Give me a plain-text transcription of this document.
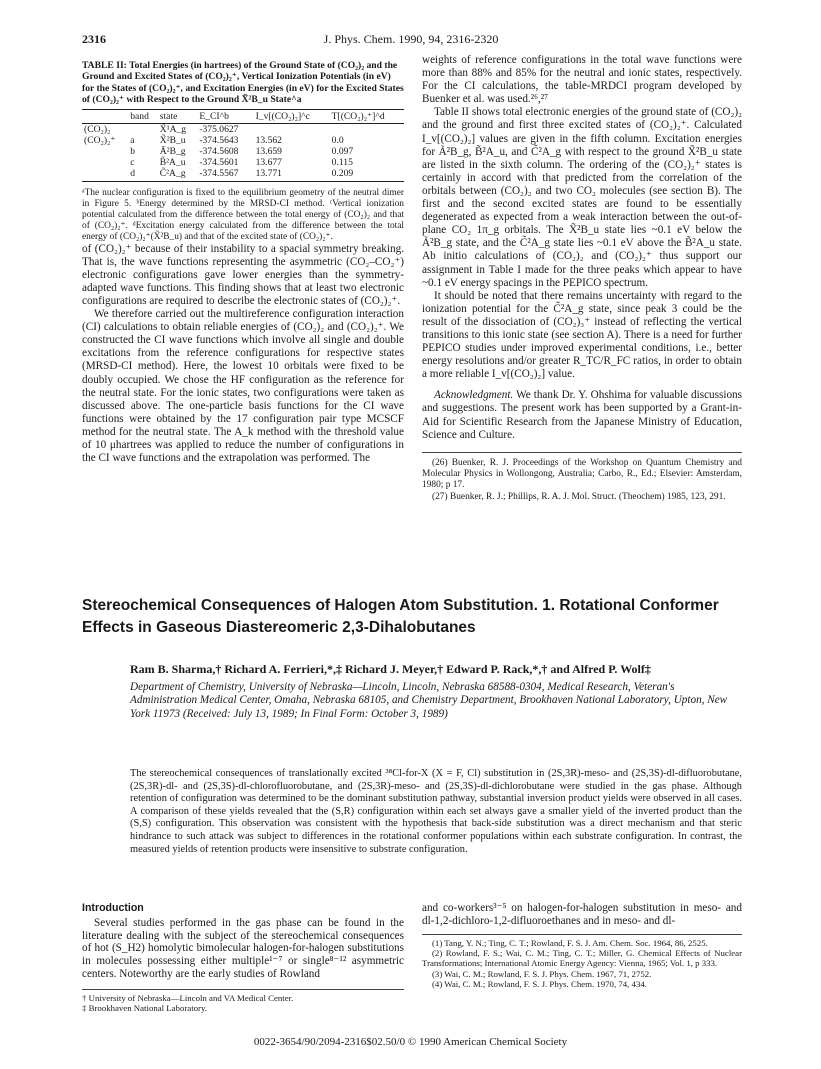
2316	J. Phys. Chem. 1990, 94, 2316-2320
TABLE II: Total Energies (in hartrees) of the Ground State of (CO₂)₂ and the Ground and Excited States of (CO₂)₂⁺, Vertical Ionization Potentials (in eV) for the States of (CO₂)₂⁺, and Excitation Energies (in eV) for the Excited States of (CO₂)₂⁺ with Respect to the Ground X̃²B_u State^a
	band	state	E_CI^b	I_v[(CO₂)₂]^c	T[(CO₂)₂⁺]^d
(CO₂)₂		X̃¹A_g	-375.0627		
(CO₂)₂⁺	a	X̃²B_u	-374.5643	13.562	0.0
	b	Ã²B_g	-374.5608	13.659	0.097
	c	B̃²A_u	-374.5601	13.677	0.115
	d	C̃²A_g	-374.5567	13.771	0.209

ᵃThe nuclear configuration is fixed to the equilibrium geometry of the neutral dimer in Figure 5. ᵇEnergy determined by the MRSD-CI method. ᶜVertical ionization potential calculated from the difference between the total energy of (CO₂)₂ and that of (CO₂)₂⁺. ᵈExcitation energy calculated from the difference between the total energy of (CO₂)₂⁺(X̃²B_u) and that of the excited state of (CO₂)₂⁺.

of (CO₂)₂⁺ because of their instability to a spacial symmetry breaking. That is, the wave functions representing the asymmetric (CO₂–CO₂⁺) electronic configurations gave lower energies than the symmetry-adapted wave functions. This finding shows that at least two electronic configurations are required to describe the electronic states of (CO₂)₂⁺.

We therefore carried out the multireference configuration interaction (CI) calculations to obtain reliable energies of (CO₂)₂ and (CO₂)₂⁺. We constructed the CI wave functions which involve all single and double excitations from the reference configurations for respective states (MRSD-CI method). Here, the lowest 10 orbitals were fixed to be doubly occupied. We chose the HF configuration as the reference for the neutral state. For the ionic states, two configurations were taken as discussed above. The one-particle basis functions for the CI wave functions were obtained by the 17 configuration pair type MCSCF method for the neutral state. The A_k method with the threshold value of 10 μhartrees was applied to reduce the number of configurations in the CI wave functions and the extrapolation was performed. The

weights of reference configurations in the total wave functions were more than 88% and 85% for the neutral and ionic states, respectively. For the CI calculations, the table-MRDCI program developed by Buenker et al. was used.²⁶,²⁷

Table II shows total electronic energies of the ground state of (CO₂)₂ and the ground and first three excited states of (CO₂)₂⁺. Calculated I_v[(CO₂)₂] values are given in the fifth column. Excitation energies for Ã²B_g, B̃²A_u, and C̃²A_g with respect to the ground X̃²B_u state are listed in the sixth column. The ordering of the (CO₂)₂⁺ states is certainly in accord with that predicted from the correlation of the orbitals between (CO₂)₂ and two CO₂ molecules (see section B). The first and the second excited states are found to be essentially degenerated as expected from a weak interaction between the out-of-plane CO₂ 1π_g orbitals. The X̃²B_u state lies ~0.1 eV below the Ã²B_g state, and the C̃²A_g state lies ~0.1 eV above the B̃²A_u state. Ab initio calculations of (CO₂)₂ and (CO₂)₂⁺ thus support our assignment in Table I made for the three peaks which appear to have ~0.1 eV energy spacings in the PEPICO spectrum.

It should be noted that there remains uncertainty with regard to the ionization potential for the C̃²A_g state, since peak 3 could be the result of the dissociation of (CO₂)₃⁺ instead of reflecting the vertical transitions to this ionic state (see section A). There is a need for further PEPICO studies under improved experimental conditions, i.e., better energy resolutions and/or greater R_TC/R_FC ratios, in order to obtain a more reliable I_v[(CO₂)₂] value.

Acknowledgment. We thank Dr. Y. Ohshima for valuable discussions and suggestions. The present work has been supported by a Grant-in-Aid for Scientific Research from the Japanese Ministry of Education, Science and Culture.

(26) Buenker, R. J. Proceedings of the Workshop on Quantum Chemistry and Molecular Physics in Wollongong, Australia; Carbo, R., Ed.; Elsevier: Amsterdam, 1980; p 17.

(27) Buenker, R. J.; Phillips, R. A. J. Mol. Struct. (Theochem) 1985, 123, 291.

Stereochemical Consequences of Halogen Atom Substitution. 1. Rotational Conformer Effects in Gaseous Diastereomeric 2,3-Dihalobutanes
Ram B. Sharma,† Richard A. Ferrieri,*,‡ Richard J. Meyer,† Edward P. Rack,*,† and Alfred P. Wolf‡
Department of Chemistry, University of Nebraska—Lincoln, Lincoln, Nebraska 68588-0304, Medical Research, Veteran's Administration Medical Center, Omaha, Nebraska 68105, and Chemistry Department, Brookhaven National Laboratory, Upton, New York 11973 (Received: July 13, 1989; In Final Form: October 3, 1989)
The stereochemical consequences of translationally excited ³⁸Cl-for-X (X = F, Cl) substitution in (2S,3R)-meso- and (2S,3S)-dl-difluorobutane, (2S,3R)-dl- and (2S,3S)-dl-chlorofluorobutane, and (2S,3R)-meso- and (2S,3S)-dl-dichlorobutane were studied in the gas phase. Although retention of configuration was determined to be the dominant substitution pathway, substantial inversion product yields were observed in all cases. A comparison of these yields revealed that the (S,R) configuration within each set always gave a smaller yield of the inverted product than the (S,S) configuration. This observation was consistent with the hypothesis that back-side substitution was a direct mechanism and that steric hindrance to such attack was subject to differences in the rotational conformer populations within each substrate configuration. In contrast, the measured yields of retention products were insensitive to substrate configuration.
Introduction

Several studies performed in the gas phase can be found in the literature dealing with the subject of the stereochemical consequences of hot (S_H2) homolytic bimolecular halogen-for-halogen substitutions in molecules possessing either multiple¹⁻⁷ or single⁸⁻¹² asymmetric centers. Noteworthy are the early studies of Rowland

† University of Nebraska—Lincoln and VA Medical Center.

‡ Brookhaven National Laboratory.

and co-workers³⁻⁵ on halogen-for-halogen substitution in meso- and dl-1,2-dichloro-1,2-difluoroethanes and in meso- and dl-

(1) Tang, Y. N.; Ting, C. T.; Rowland, F. S. J. Am. Chem. Soc. 1964, 86, 2525.

(2) Rowland, F. S.; Wai, C. M.; Ting, C. T.; Miller, G. Chemical Effects of Nuclear Transformations; International Atomic Energy Agency: Vienna, 1965; Vol. 1, p 333.

(3) Wai, C. M.; Rowland, F. S. J. Phys. Chem. 1967, 71, 2752.

(4) Wai, C. M.; Rowland, F. S. J. Phys. Chem. 1970, 74, 434.

0022-3654/90/2094-2316$02.50/0 © 1990 American Chemical Society
